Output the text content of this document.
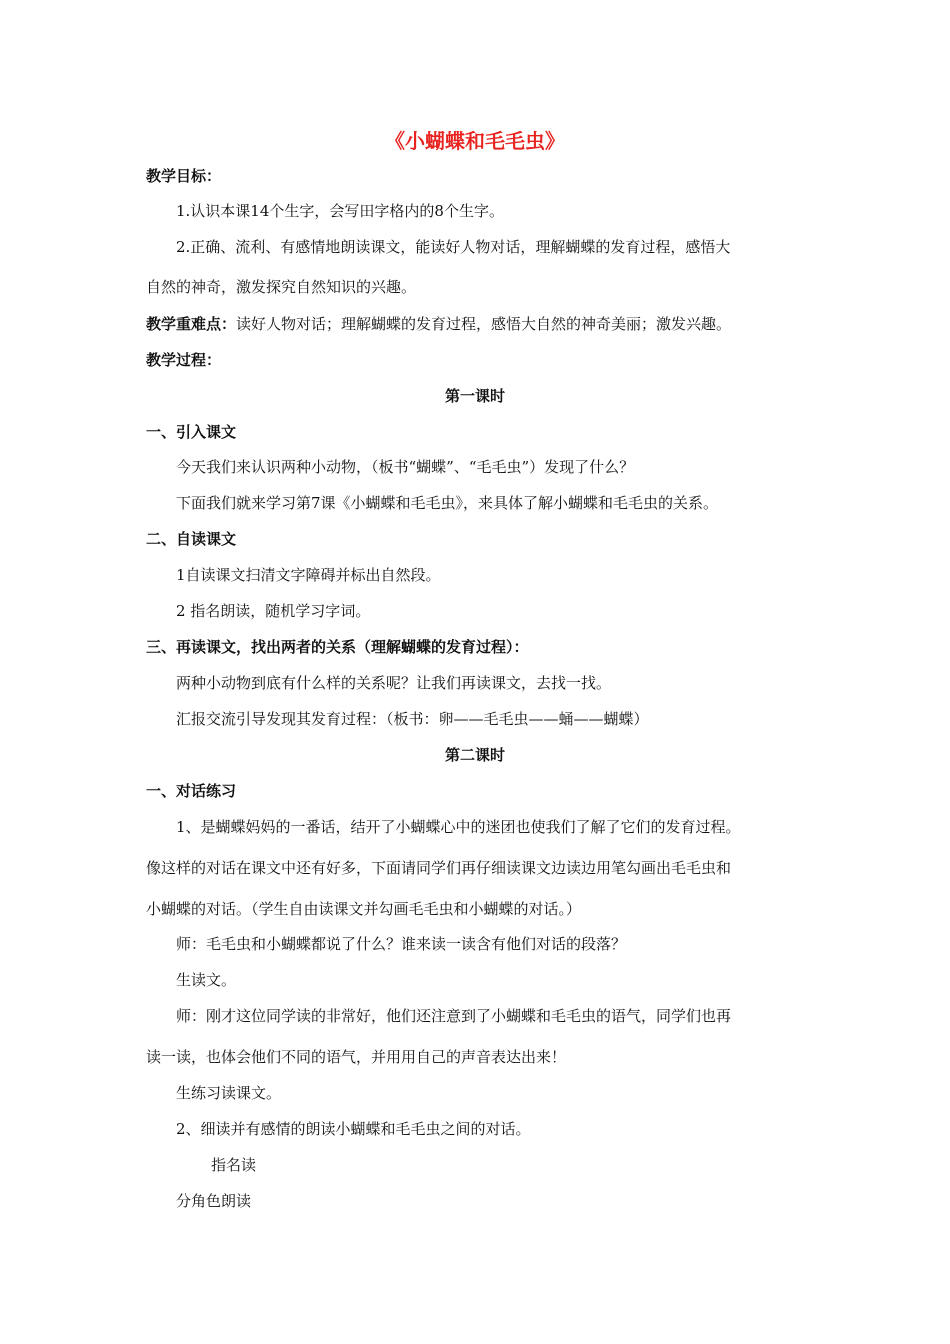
《小蝴蝶和毛毛虫》
教学目标：
1.认识本课14个生字，会写田字格内的8个生字。
2.正确、流利、有感情地朗读课文，能读好人物对话，理解蝴蝶的发育过程，感悟大
自然的神奇，激发探究自然知识的兴趣。
教学重难点：读好人物对话；理解蝴蝶的发育过程，感悟大自然的神奇美丽；激发兴趣。
教学过程：
第一课时
一、引入课文
今天我们来认识两种小动物，（板书“蝴蝶”、“毛毛虫”）发现了什么？
下面我们就来学习第7课《小蝴蝶和毛毛虫》，来具体了解小蝴蝶和毛毛虫的关系。
二、自读课文
1自读课文扫清文字障碍并标出自然段。
2 指名朗读，随机学习字词。
三、再读课文，找出两者的关系（理解蝴蝶的发育过程）：
两种小动物到底有什么样的关系呢？让我们再读课文，去找一找。
汇报交流引导发现其发育过程：（板书：卵——毛毛虫——蛹——蝴蝶）
第二课时
一、对话练习
1、是蝴蝶妈妈的一番话，结开了小蝴蝶心中的迷团也使我们了解了它们的发育过程。
像这样的对话在课文中还有好多，下面请同学们再仔细读课文边读边用笔勾画出毛毛虫和
小蝴蝶的对话。（学生自由读课文并勾画毛毛虫和小蝴蝶的对话。）
师：毛毛虫和小蝴蝶都说了什么？谁来读一读含有他们对话的段落？
生读文。
师：刚才这位同学读的非常好，他们还注意到了小蝴蝶和毛毛虫的语气，同学们也再
读一读，也体会他们不同的语气，并用用自己的声音表达出来！
生练习读课文。
2、细读并有感情的朗读小蝴蝶和毛毛虫之间的对话。
指名读
分角色朗读
